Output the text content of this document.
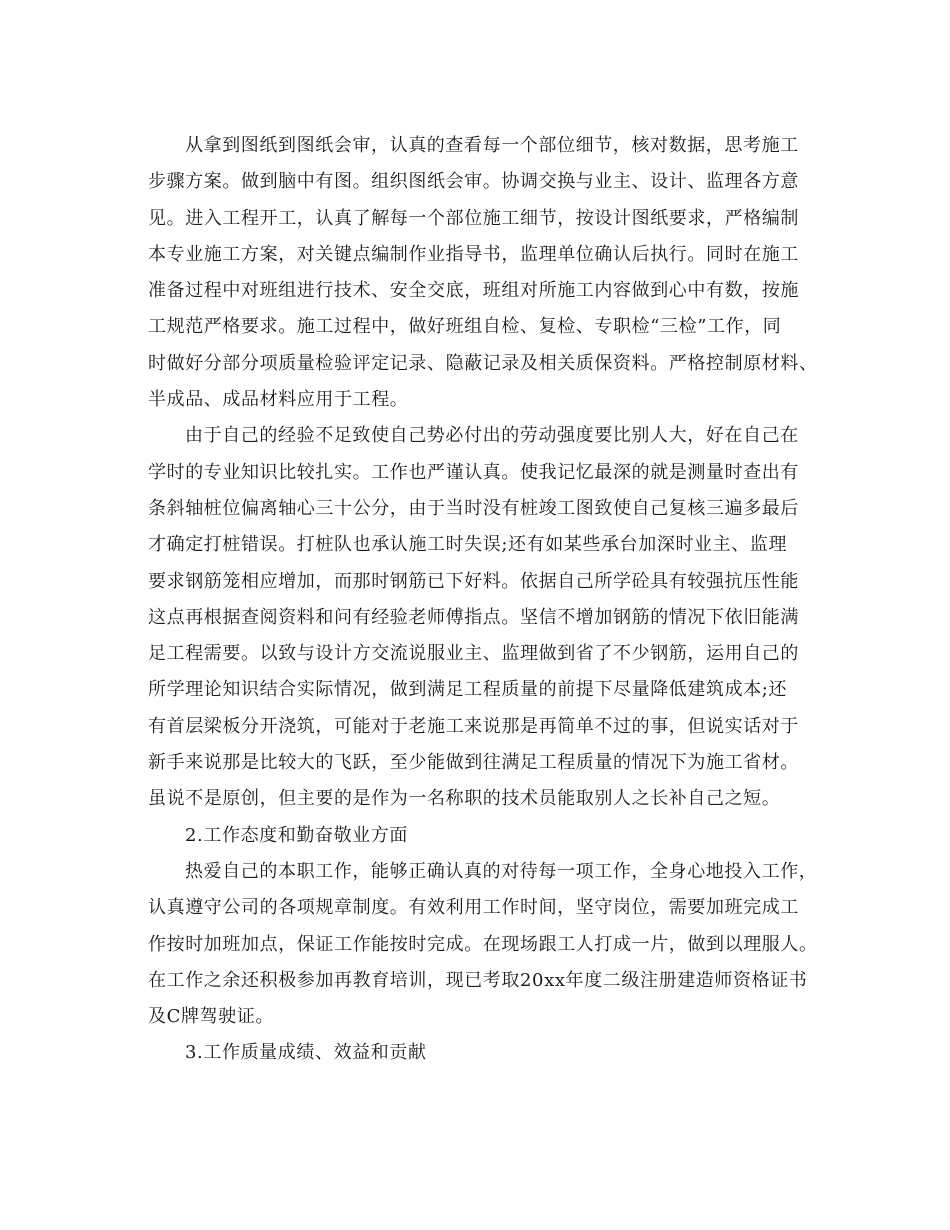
从拿到图纸到图纸会审，认真的查看每一个部位细节，核对数据，思考施工
步骤方案。做到脑中有图。组织图纸会审。协调交换与业主、设计、监理各方意
见。进入工程开工，认真了解每一个部位施工细节，按设计图纸要求，严格编制
本专业施工方案，对关键点编制作业指导书，监理单位确认后执行。同时在施工
准备过程中对班组进行技术、安全交底，班组对所施工内容做到心中有数，按施
工规范严格要求。施工过程中，做好班组自检、复检、专职检“三检”工作，同
时做好分部分项质量检验评定记录、隐蔽记录及相关质保资料。严格控制原材料、
半成品、成品材料应用于工程。
由于自己的经验不足致使自己势必付出的劳动强度要比别人大，好在自己在
学时的专业知识比较扎实。工作也严谨认真。使我记忆最深的就是测量时查出有
条斜轴桩位偏离轴心三十公分，由于当时没有桩竣工图致使自己复核三遍多最后
才确定打桩错误。打桩队也承认施工时失误;还有如某些承台加深时业主、监理
要求钢筋笼相应增加，而那时钢筋已下好料。依据自己所学砼具有较强抗压性能
这点再根据查阅资料和问有经验老师傅指点。坚信不增加钢筋的情况下依旧能满
足工程需要。以致与设计方交流说服业主、监理做到省了不少钢筋，运用自己的
所学理论知识结合实际情况，做到满足工程质量的前提下尽量降低建筑成本;还
有首层梁板分开浇筑，可能对于老施工来说那是再简单不过的事，但说实话对于
新手来说那是比较大的飞跃，至少能做到往满足工程质量的情况下为施工省材。
虽说不是原创，但主要的是作为一名称职的技术员能取别人之长补自己之短。
2.工作态度和勤奋敬业方面
热爱自己的本职工作，能够正确认真的对待每一项工作，全身心地投入工作，
认真遵守公司的各项规章制度。有效利用工作时间，坚守岗位，需要加班完成工
作按时加班加点，保证工作能按时完成。在现场跟工人打成一片，做到以理服人。
在工作之余还积极参加再教育培训，现已考取20xx年度二级注册建造师资格证书
及C牌驾驶证。
3.工作质量成绩、效益和贡献
